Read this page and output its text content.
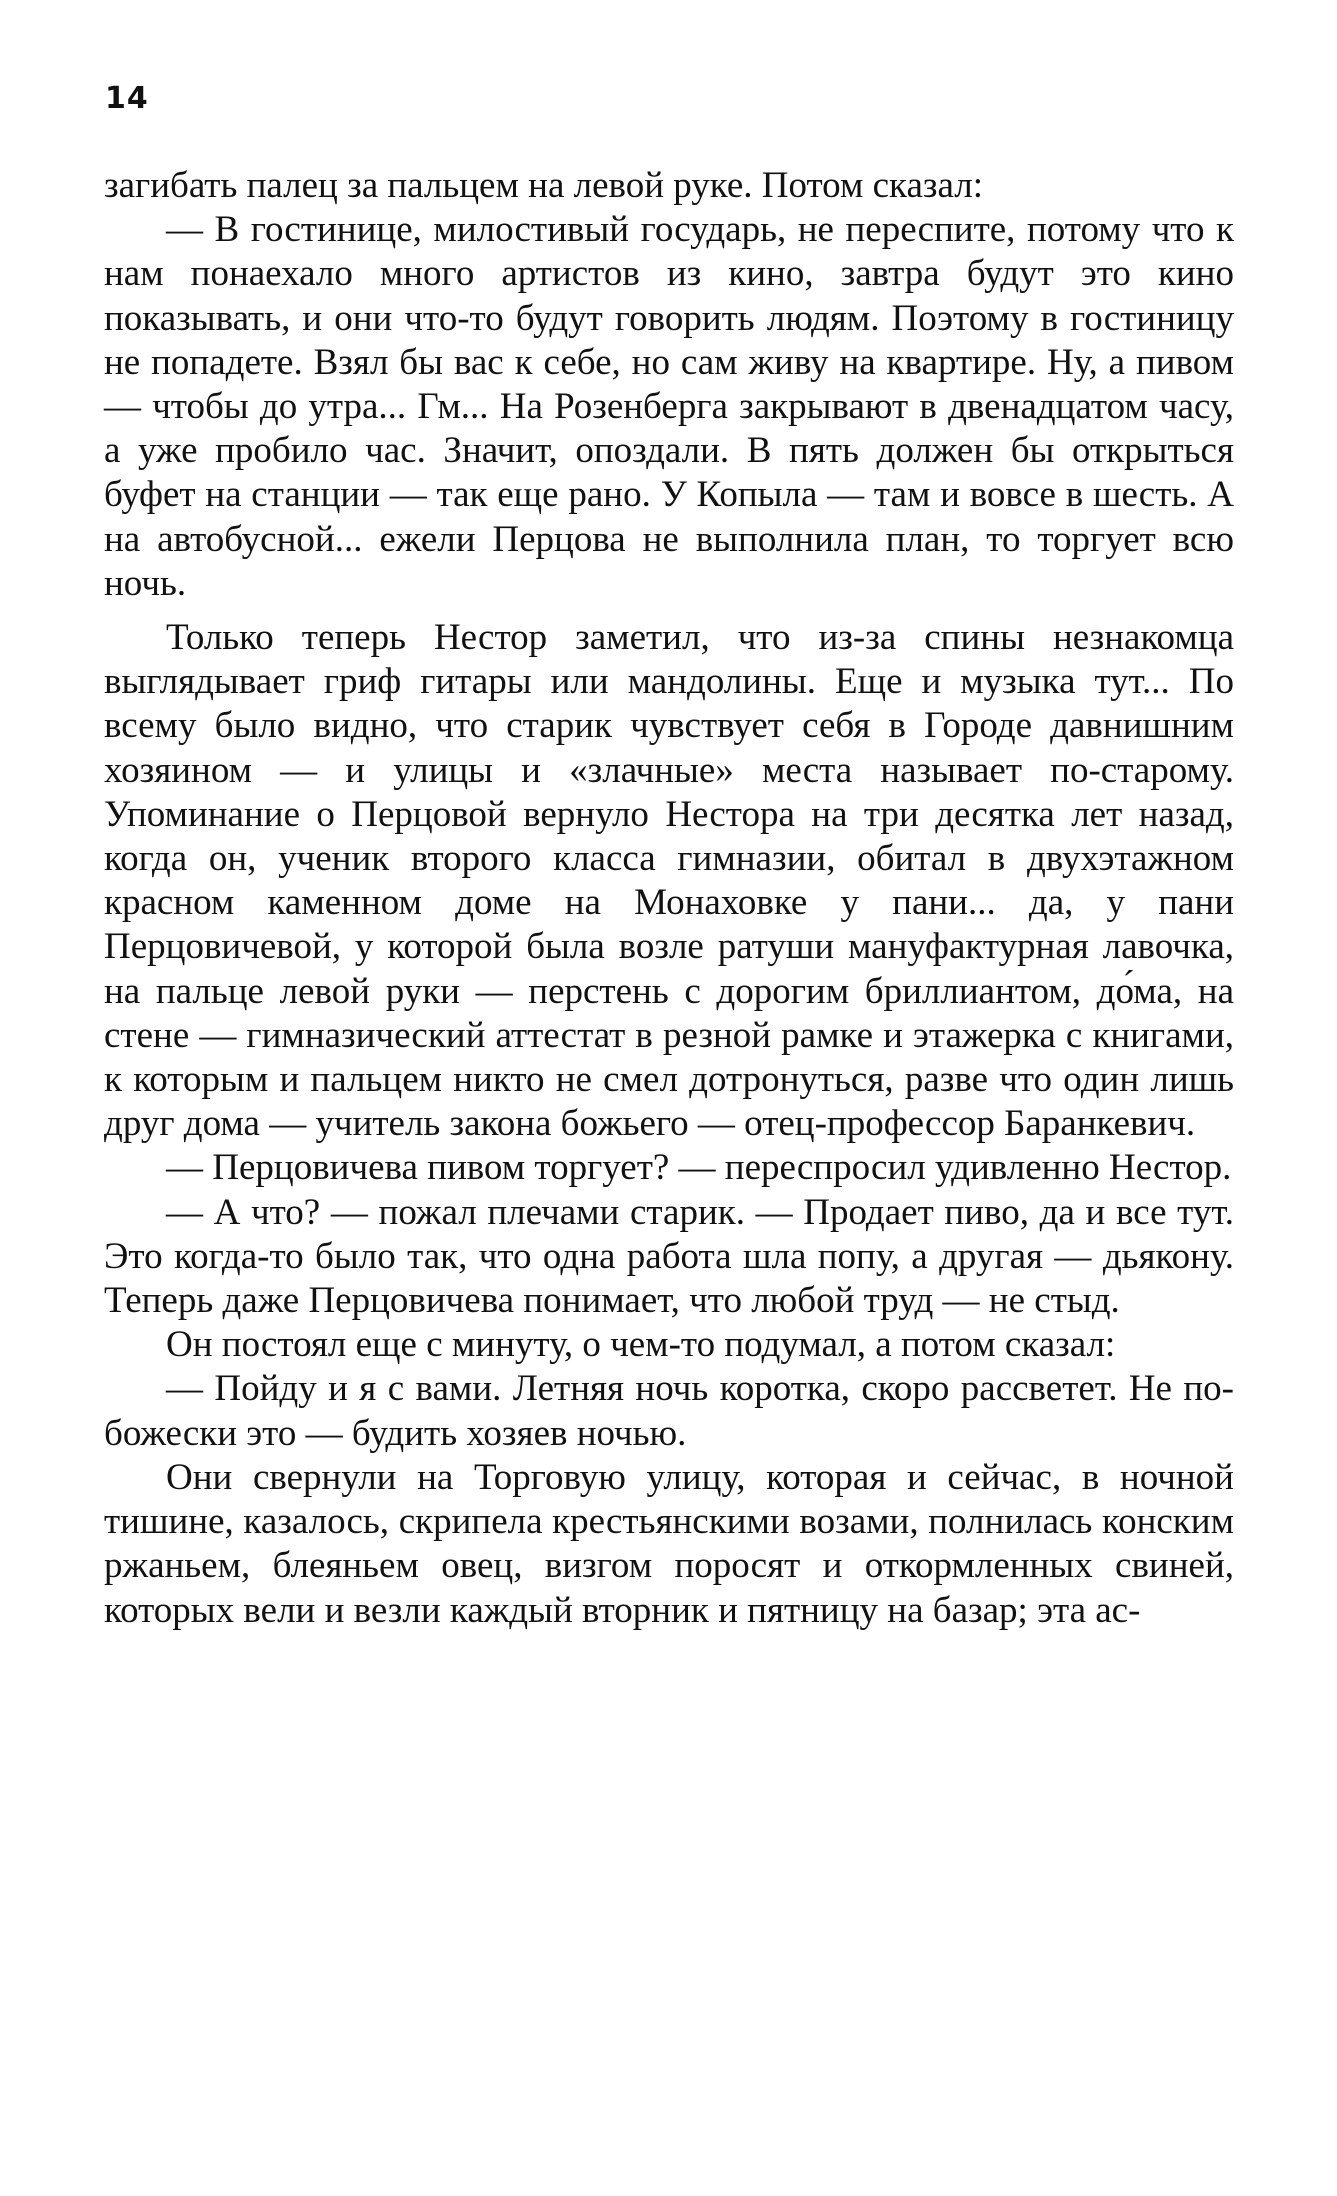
14

загибать палец за пальцем на левой руке. Потом сказал:

— В гостинице, милостивый государь, не переспите, потому что к нам понаехало много артистов из кино, завтра будут это кино показывать, и они что-то будут говорить людям. Поэтому в гостиницу не попадете. Взял бы вас к себе, но сам живу на квартире. Ну, а пивом — чтобы до утра... Гм... На Розенберга закрывают в двенадцатом часу, а уже пробило час. Значит, опоздали. В пять должен бы открыться буфет на станции — так еще рано. У Копыла — там и вовсе в шесть. А на автобусной... ежели Перцова не выполнила план, то торгует всю ночь.

Только теперь Нестор заметил, что из-за спины незнакомца выглядывает гриф гитары или мандолины. Еще и музыка тут... По всему было видно, что старик чувствует себя в Городе давнишним хозяином — и улицы и «злачные» места называет по-старому. Упоминание о Перцовой вернуло Нестора на три десятка лет назад, когда он, ученик второго класса гимназии, обитал в двухэтажном красном каменном доме на Монаховке у пани... да, у пани Перцовичевой, у которой была возле ратуши мануфактурная лавочка, на пальце левой руки — перстень с дорогим бриллиантом, до́ма, на стене — гимназический аттестат в резной рамке и этажерка с книгами, к которым и пальцем никто не смел дотронуться, разве что один лишь друг дома — учитель закона божьего — отец-профессор Баранкевич.

— Перцовичева пивом торгует? — переспросил удивленно Нестор.

— А что? — пожал плечами старик. — Продает пиво, да и все тут. Это когда-то было так, что одна работа шла попу, а другая — дьякону. Теперь даже Перцовичева понимает, что любой труд — не стыд.

Он постоял еще с минуту, о чем-то подумал, а потом сказал:

— Пойду и я с вами. Летняя ночь коротка, скоро рассветет. Не по-божески это — будить хозяев ночью.

Они свернули на Торговую улицу, которая и сейчас, в ночной тишине, казалось, скрипела крестьянскими возами, полнилась конским ржаньем, блеяньем овец, визгом поросят и откормленных свиней, которых вели и везли каждый вторник и пятницу на базар; эта ас-
